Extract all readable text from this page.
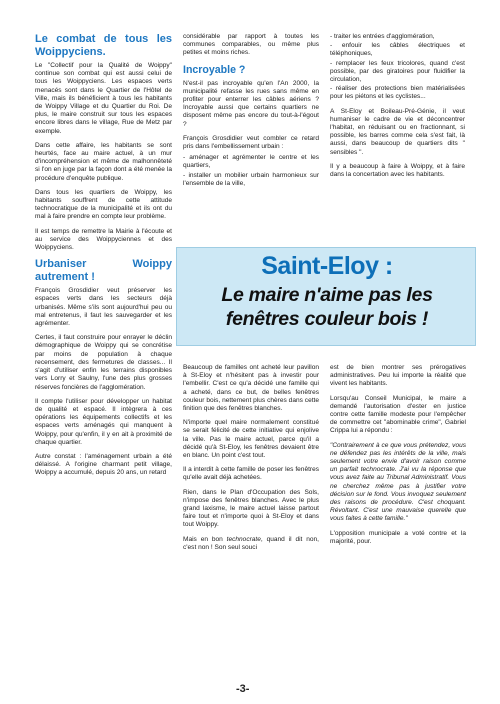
Le combat de tous les Woippyciens.

Le "Collectif pour la Qualité de Woippy" continue son combat qui est aussi celui de tous les Woippyciens. Les espaces verts menacés sont dans le Quartier de l'Hôtel de Ville, mais ils bénéficient à tous les habitants de Woippy Village et du Quartier du Roi. De plus, le maire construit sur tous les espaces encore libres dans le village, Rue de Metz par exemple.

Dans cette affaire, les habitants se sont heurtés, face au maire actuel, à un mur d'incompréhension et même de malhonnêteté si l'on en juge par la façon dont a été menée la procédure d'enquête publique.

Dans tous les quartiers de Woippy, les habitants souffrent de cette attitude technocratique de la municipalité et ils ont du mal à faire prendre en compte leur problème.

Il est temps de remettre la Mairie à l'écoute et au service des Woippyciennes et des Woippyciens.

Urbaniser Woippy autrement !

François Grosdidier veut préserver les espaces verts dans les secteurs déjà urbanisés. Même s'ils sont aujourd'hui peu ou mal entretenus, il faut les sauvegarder et les agrémenter.

Certes, il faut construire pour enrayer le déclin démographique de Woippy qui se concrétise par moins de population à chaque recensement, des fermetures de classes... Il s'agit d'utiliser enfin les terrains disponibles vers Lorry et Saulny, l'une des plus grosses réserves foncières de l'agglomération.

Il compte l'utiliser pour développer un habitat de qualité et espacé. Il intègrera à ces opérations les équipements collectifs et les espaces verts aménagés qui manquent à Woippy, pour qu'enfin, il y en ait à proximité de chaque quartier.

Autre constat : l'aménagement urbain a été délaissé. A l'origine charmant petit village, Woippy a accumulé, depuis 20 ans, un retard

considérable par rapport à toutes les communes comparables, ou même plus petites et moins riches.

Incroyable ?

N'est-il pas incroyable qu'en l'An 2000, la municipalité refasse les rues sans même en profiter pour enterrer les câbles aériens ? Incroyable aussi que certains quartiers ne disposent même pas encore du tout-à-l'égout ?

François Grosdidier veut combler ce retard pris dans l'embellissement urbain :

- aménager et agrémenter le centre et les quartiers,
- installer un mobilier urbain harmonieux sur l'ensemble de la ville,
- traiter les entrées d'agglomération,
- enfouir les câbles électriques et téléphoniques,
- remplacer les feux tricolores, quand c'est possible, par des giratoires pour fluidifier la circulation,
- réaliser des protections bien matérialisées pour les piétons et les cyclistes...

A St-Eloy et Boileau-Pré-Génie, il veut humaniser le cadre de vie et déconcentrer l'habitat, en réduisant ou en fractionnant, si possible, les barres comme cela s'est fait, là aussi, dans beaucoup de quartiers dits " sensibles ".

Il y a beaucoup à faire à Woippy, et à faire dans la concertation avec les habitants.

Saint-Eloy :
Le maire n'aime pas les
fenêtres couleur bois !

Beaucoup de familles ont acheté leur pavillon à St-Eloy et n'hésitent pas à investir pour l'embellir. C'est ce qu'a décidé une famille qui a acheté, dans ce but, de belles fenêtres couleur bois, nettement plus chères dans cette finition que des fenêtres blanches.

N'importe quel maire normalement constitué se serait félicité de cette initiative qui enjolive la ville. Pas le maire actuel, parce qu'il a décidé qu'à St-Eloy, les fenêtres devaient être en blanc. Un point c'est tout.

Il a interdit à cette famille de poser les fenêtres qu'elle avait déjà achetées.

Rien, dans le Plan d'Occupation des Sols, n'impose des fenêtres blanches. Avec le plus grand laxisme, le maire actuel laisse partout faire tout et n'importe quoi à St-Eloy et dans tout Woippy.

Mais en bon technocrate, quand il dit non, c'est non ! Son seul souci

est de bien montrer ses prérogatives administratives. Peu lui importe la réalité que vivent les habitants.

Lorsqu'au Conseil Municipal, le maire a demandé l'autorisation d'ester en justice contre cette famille modeste pour l'empêcher de commettre cet "abominable crime", Gabriel Crippa lui a répondu :

"Contrairement à ce que vous prétendez, vous ne défendez pas les intérêts de la ville, mais seulement votre envie d'avoir raison comme un parfait technocrate. J'ai vu la réponse que vous avez faite au Tribunal Administratif. Vous ne cherchez même pas à justifier votre décision sur le fond. Vous invoquez seulement des raisons de procédure. C'est choquant. Révoltant. C'est une mauvaise querelle que vous faites à cette famille."

L'opposition municipale a voté contre et la majorité, pour.

-3-
